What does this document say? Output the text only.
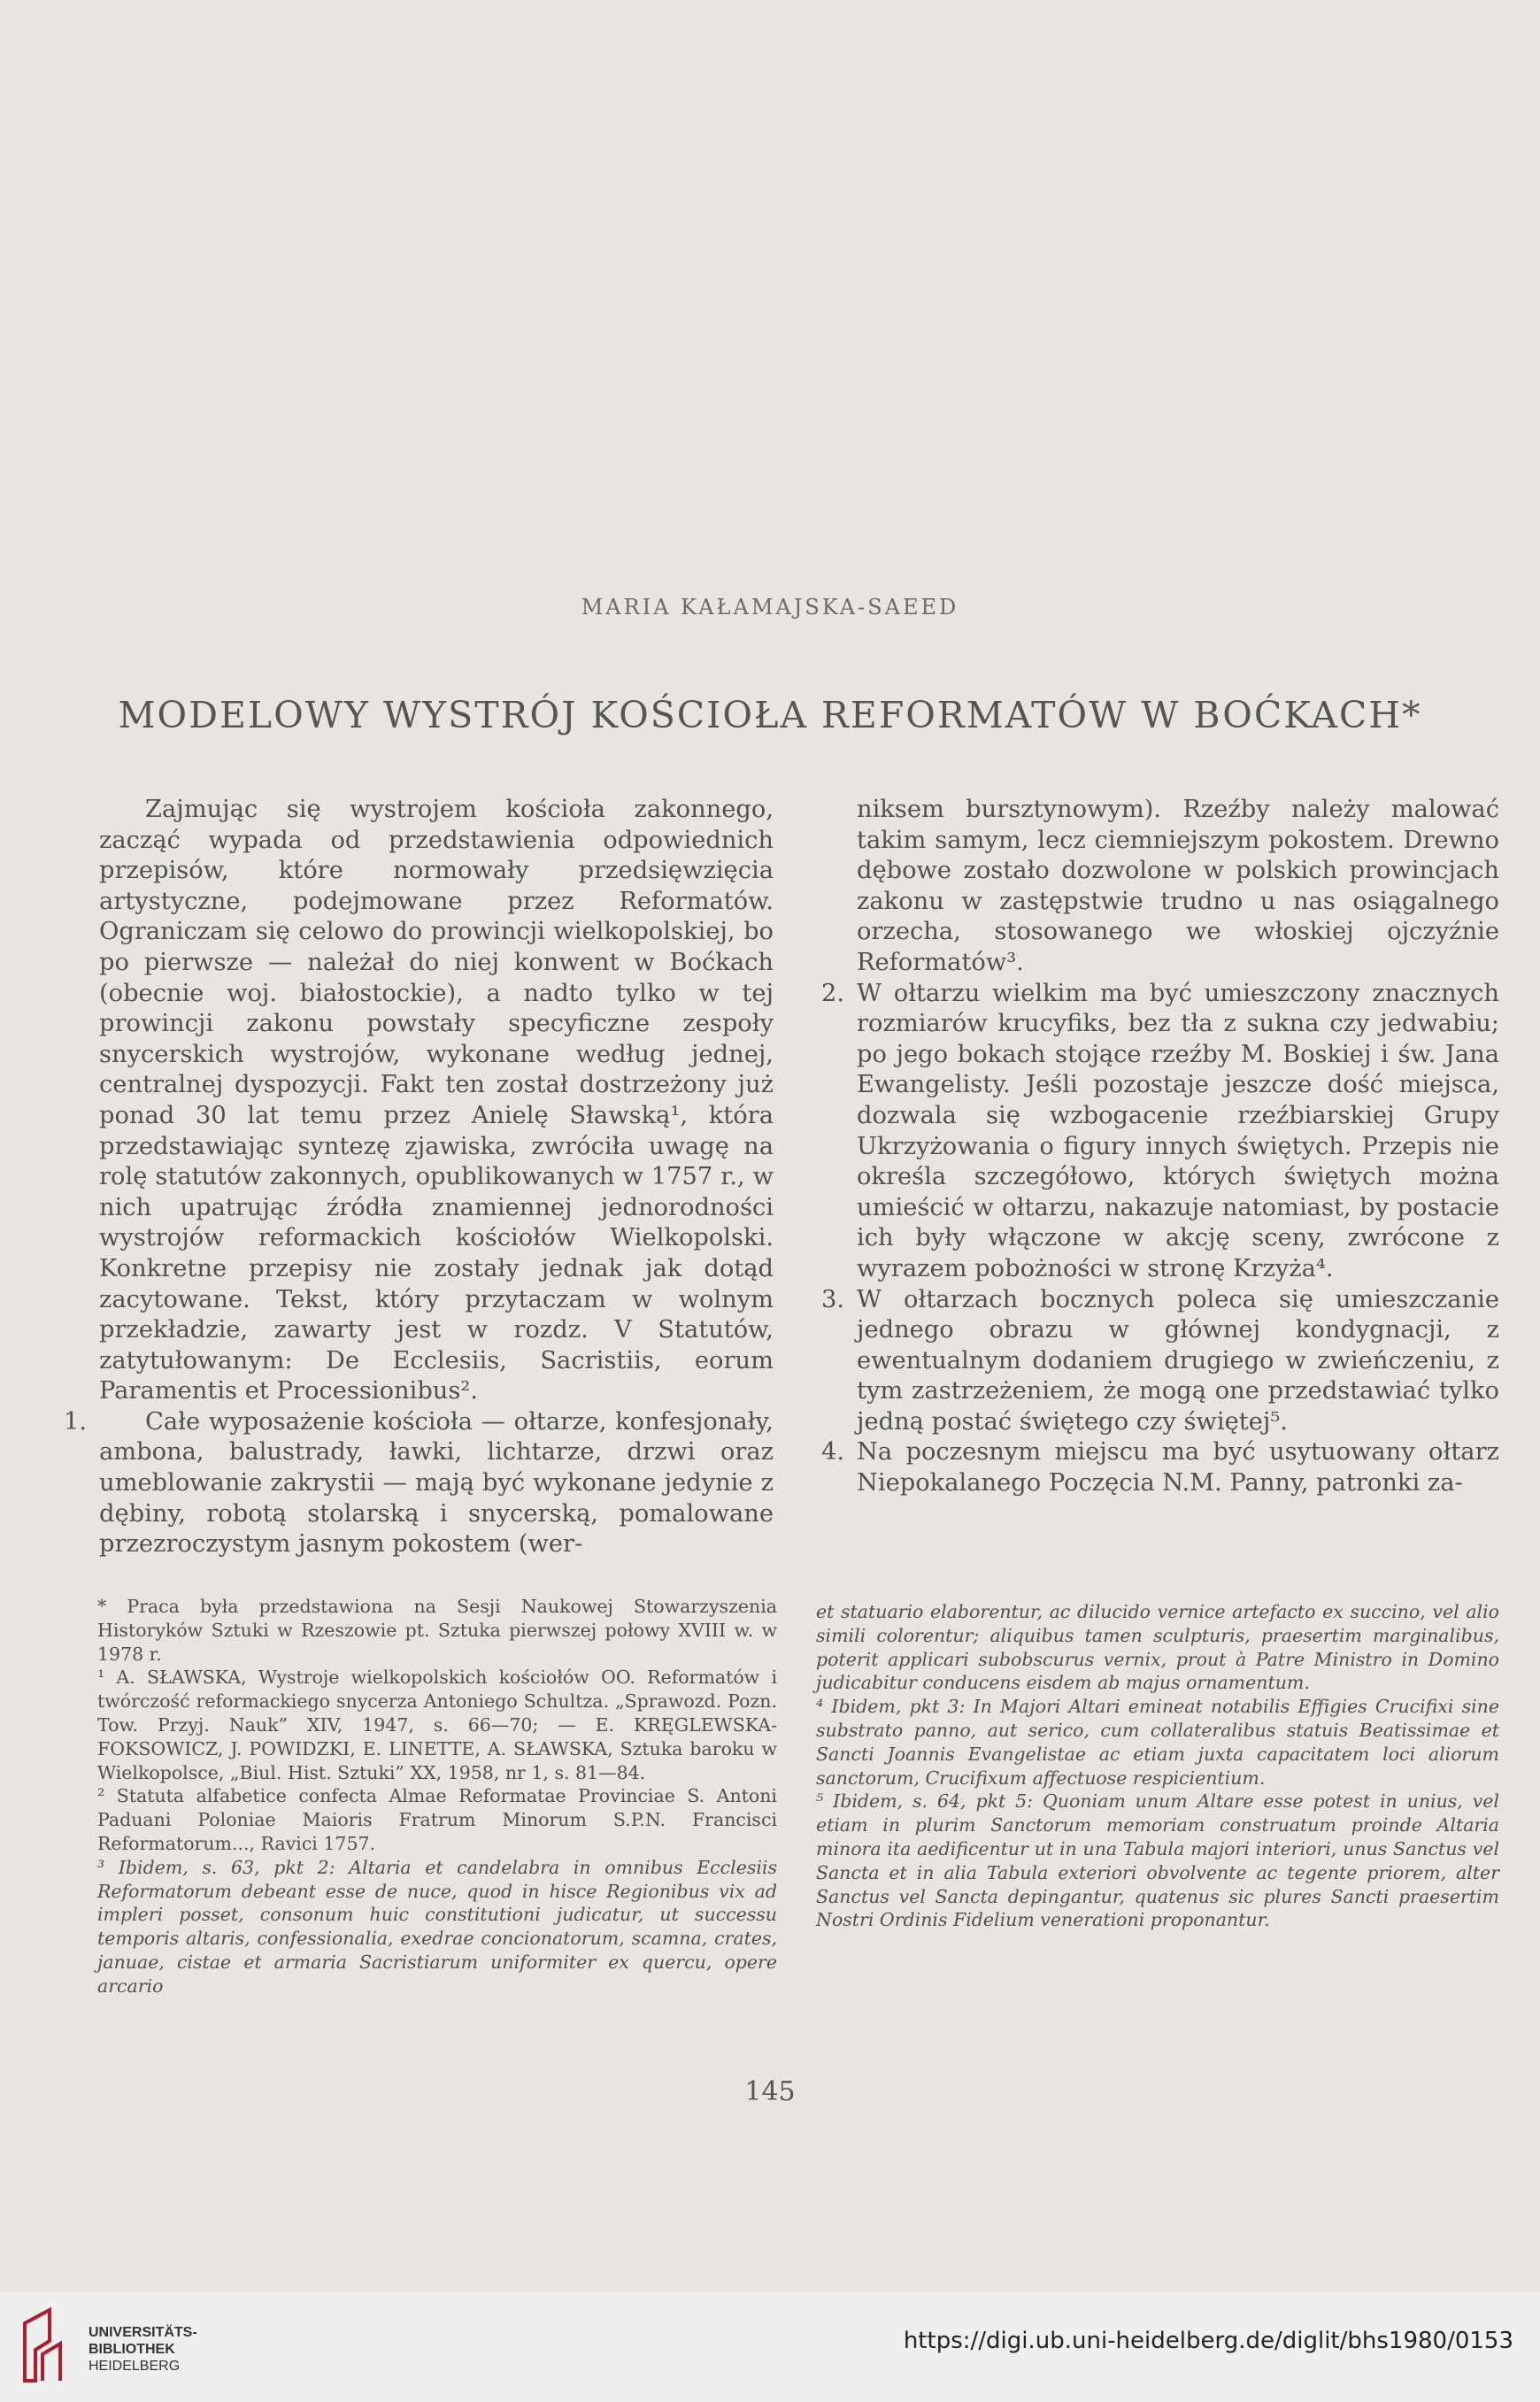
MARIA KAŁAMAJSKA-SAEED
MODELOWY WYSTRÓJ KOŚCIOŁA REFORMATÓW W BOĆKACH*

Zajmując się wystrojem kościoła zakonnego, zacząć wypada od przedstawienia odpowiednich przepisów, które normowały przedsięwzięcia artystyczne, podejmowane przez Reformatów. Ograniczam się celowo do prowincji wielkopolskiej, bo po pierwsze — należał do niej konwent w Boćkach (obecnie woj. białostockie), a nadto tylko w tej prowincji zakonu powstały specyficzne zespoły snycerskich wystrojów, wykonane według jednej, centralnej dyspozycji. Fakt ten został dostrzeżony już ponad 30 lat temu przez Anielę Sławską¹, która przedstawiając syntezę zjawiska, zwróciła uwagę na rolę statutów zakonnych, opublikowanych w 1757 r., w nich upatrując źródła znamiennej jednorodności wystrojów reformackich kościołów Wielkopolski. Konkretne przepisy nie zostały jednak jak dotąd zacytowane. Tekst, który przytaczam w wolnym przekładzie, zawarty jest w rozdz. V Statutów, zatytułowanym: De Ecclesiis, Sacristiis, eorum Paramentis et Processionibus².

1.	Całe wyposażenie kościoła — ołtarze, konfesjonały, ambona, balustrady, ławki, lichtarze, drzwi oraz umeblowanie zakrystii — mają być wykonane jedynie z dębiny, robotą stolarską i snycerską, pomalowane przezroczystym jasnym pokostem (wer-

niksem bursztynowym). Rzeźby należy malować takim samym, lecz ciemniejszym pokostem. Drewno dębowe zostało dozwolone w polskich prowincjach zakonu w zastępstwie trudno u nas osiągalnego orzecha, stosowanego we włoskiej ojczyźnie Reformatów³.

2. W ołtarzu wielkim ma być umieszczony znacznych rozmiarów krucyfiks, bez tła z sukna czy jedwabiu; po jego bokach stojące rzeźby M. Boskiej i św. Jana Ewangelisty. Jeśli pozostaje jeszcze dość miejsca, dozwala się wzbogacenie rzeźbiarskiej Grupy Ukrzyżowania o figury innych świętych. Przepis nie określa szczegółowo, których świętych można umieścić w ołtarzu, nakazuje natomiast, by postacie ich były włączone w akcję sceny, zwrócone z wyrazem pobożności w stronę Krzyża⁴.

3. W ołtarzach bocznych poleca się umieszczanie jednego obrazu w głównej kondygnacji, z ewentualnym dodaniem drugiego w zwieńczeniu, z tym zastrzeżeniem, że mogą one przedstawiać tylko jedną postać świętego czy świętej⁵.

4. Na poczesnym miejscu ma być usytuowany ołtarz Niepokalanego Poczęcia N.M. Panny, patronki za-

* Praca była przedstawiona na Sesji Naukowej Stowarzyszenia Historyków Sztuki w Rzeszowie pt. Sztuka pierwszej połowy XVIII w. w 1978 r.

¹ A. SŁAWSKA, Wystroje wielkopolskich kościołów OO. Reformatów i twórczość reformackiego snycerza Antoniego Schultza. „Sprawozd. Pozn. Tow. Przyj. Nauk” XIV, 1947, s. 66—70; — E. KRĘGLEWSKA-FOKSOWICZ, J. POWIDZKI, E. LINETTE, A. SŁAWSKA, Sztuka baroku w Wielkopolsce, „Biul. Hist. Sztuki” XX, 1958, nr 1, s. 81—84.

² Statuta alfabetice confecta Almae Reformatae Provinciae S. Antoni Paduani Poloniae Maioris Fratrum Minorum S.P.N. Francisci Reformatorum..., Ravici 1757.

³ Ibidem, s. 63, pkt 2: Altaria et candelabra in omnibus Ecclesiis Reformatorum debeant esse de nuce, quod in hisce Regionibus vix ad impleri posset, consonum huic constitutioni judicatur, ut successu temporis altaris, confessionalia, exedrae concionatorum, scamna, crates, januae, cistae et armaria Sacristiarum uniformiter ex quercu, opere arcario

et statuario elaborentur, ac dilucido vernice artefacto ex succino, vel alio simili colorentur; aliquibus tamen sculpturis, praesertim marginalibus, poterit applicari subobscurus vernix, prout à Patre Ministro in Domino judicabitur conducens eisdem ab majus ornamentum.

⁴ Ibidem, pkt 3: In Majori Altari emineat notabilis Effigies Crucifixi sine substrato panno, aut serico, cum collateralibus statuis Beatissimae et Sancti Joannis Evangelistae ac etiam juxta capacitatem loci aliorum sanctorum, Crucifixum affectuose respicientium.

⁵ Ibidem, s. 64, pkt 5: Quoniam unum Altare esse potest in unius, vel etiam in plurim Sanctorum memoriam construatum proinde Altaria minora ita aedificentur ut in una Tabula majori interiori, unus Sanctus vel Sancta et in alia Tabula exteriori obvolvente ac tegente priorem, alter Sanctus vel Sancta depingantur, quatenus sic plures Sancti praesertim Nostri Ordinis Fidelium venerationi proponantur.

145
UNIVERSITÄTS-
BIBLIOTHEK
HEIDELBERG
https://digi.ub.uni-heidelberg.de/diglit/bhs1980/0153
